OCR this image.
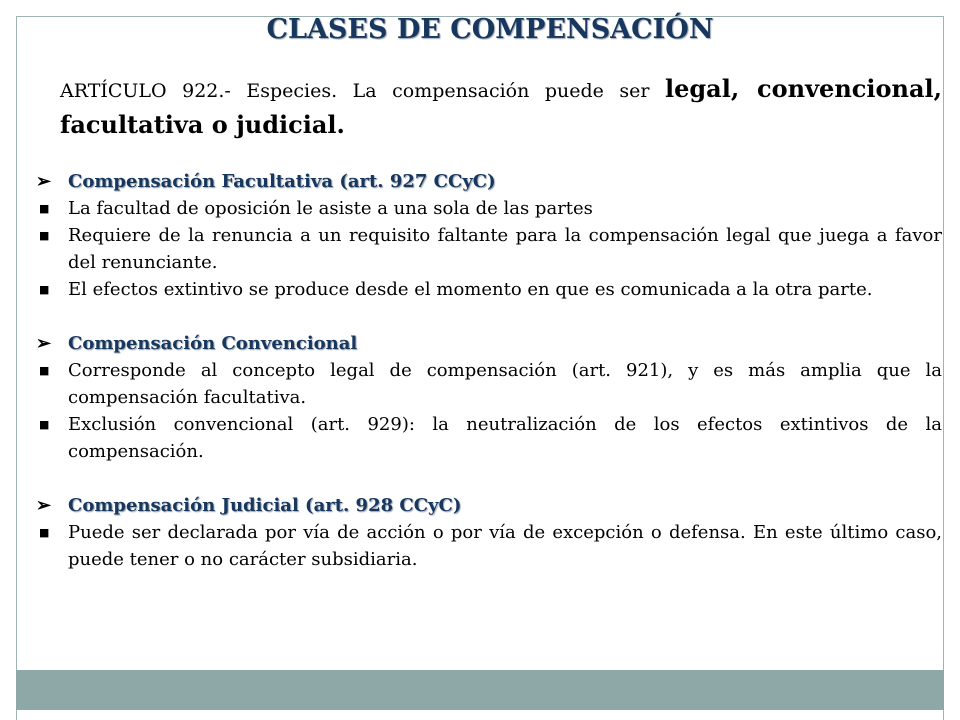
CLASES DE COMPENSACIÓN
ARTÍCULO 922.- Especies. La compensación puede ser legal, convencional, facultativa o judicial.
➢ Compensación Facultativa (art. 927 CCyC)
■	La facultad de oposición le asiste a una sola de las partes
■	Requiere de la renuncia a un requisito faltante para la compensación legal que juega a favor del renunciante.
■	El efectos extintivo se produce desde el momento en que es comunicada a la otra parte.
➢ Compensación Convencional
■	Corresponde al concepto legal de compensación (art. 921), y es más amplia que la compensación facultativa.
■	Exclusión convencional (art. 929): la neutralización de los efectos extintivos de la compensación.
➢ Compensación Judicial (art. 928 CCyC)
■	Puede ser declarada por vía de acción o por vía de excepción o defensa. En este último caso, puede tener o no carácter subsidiaria.
